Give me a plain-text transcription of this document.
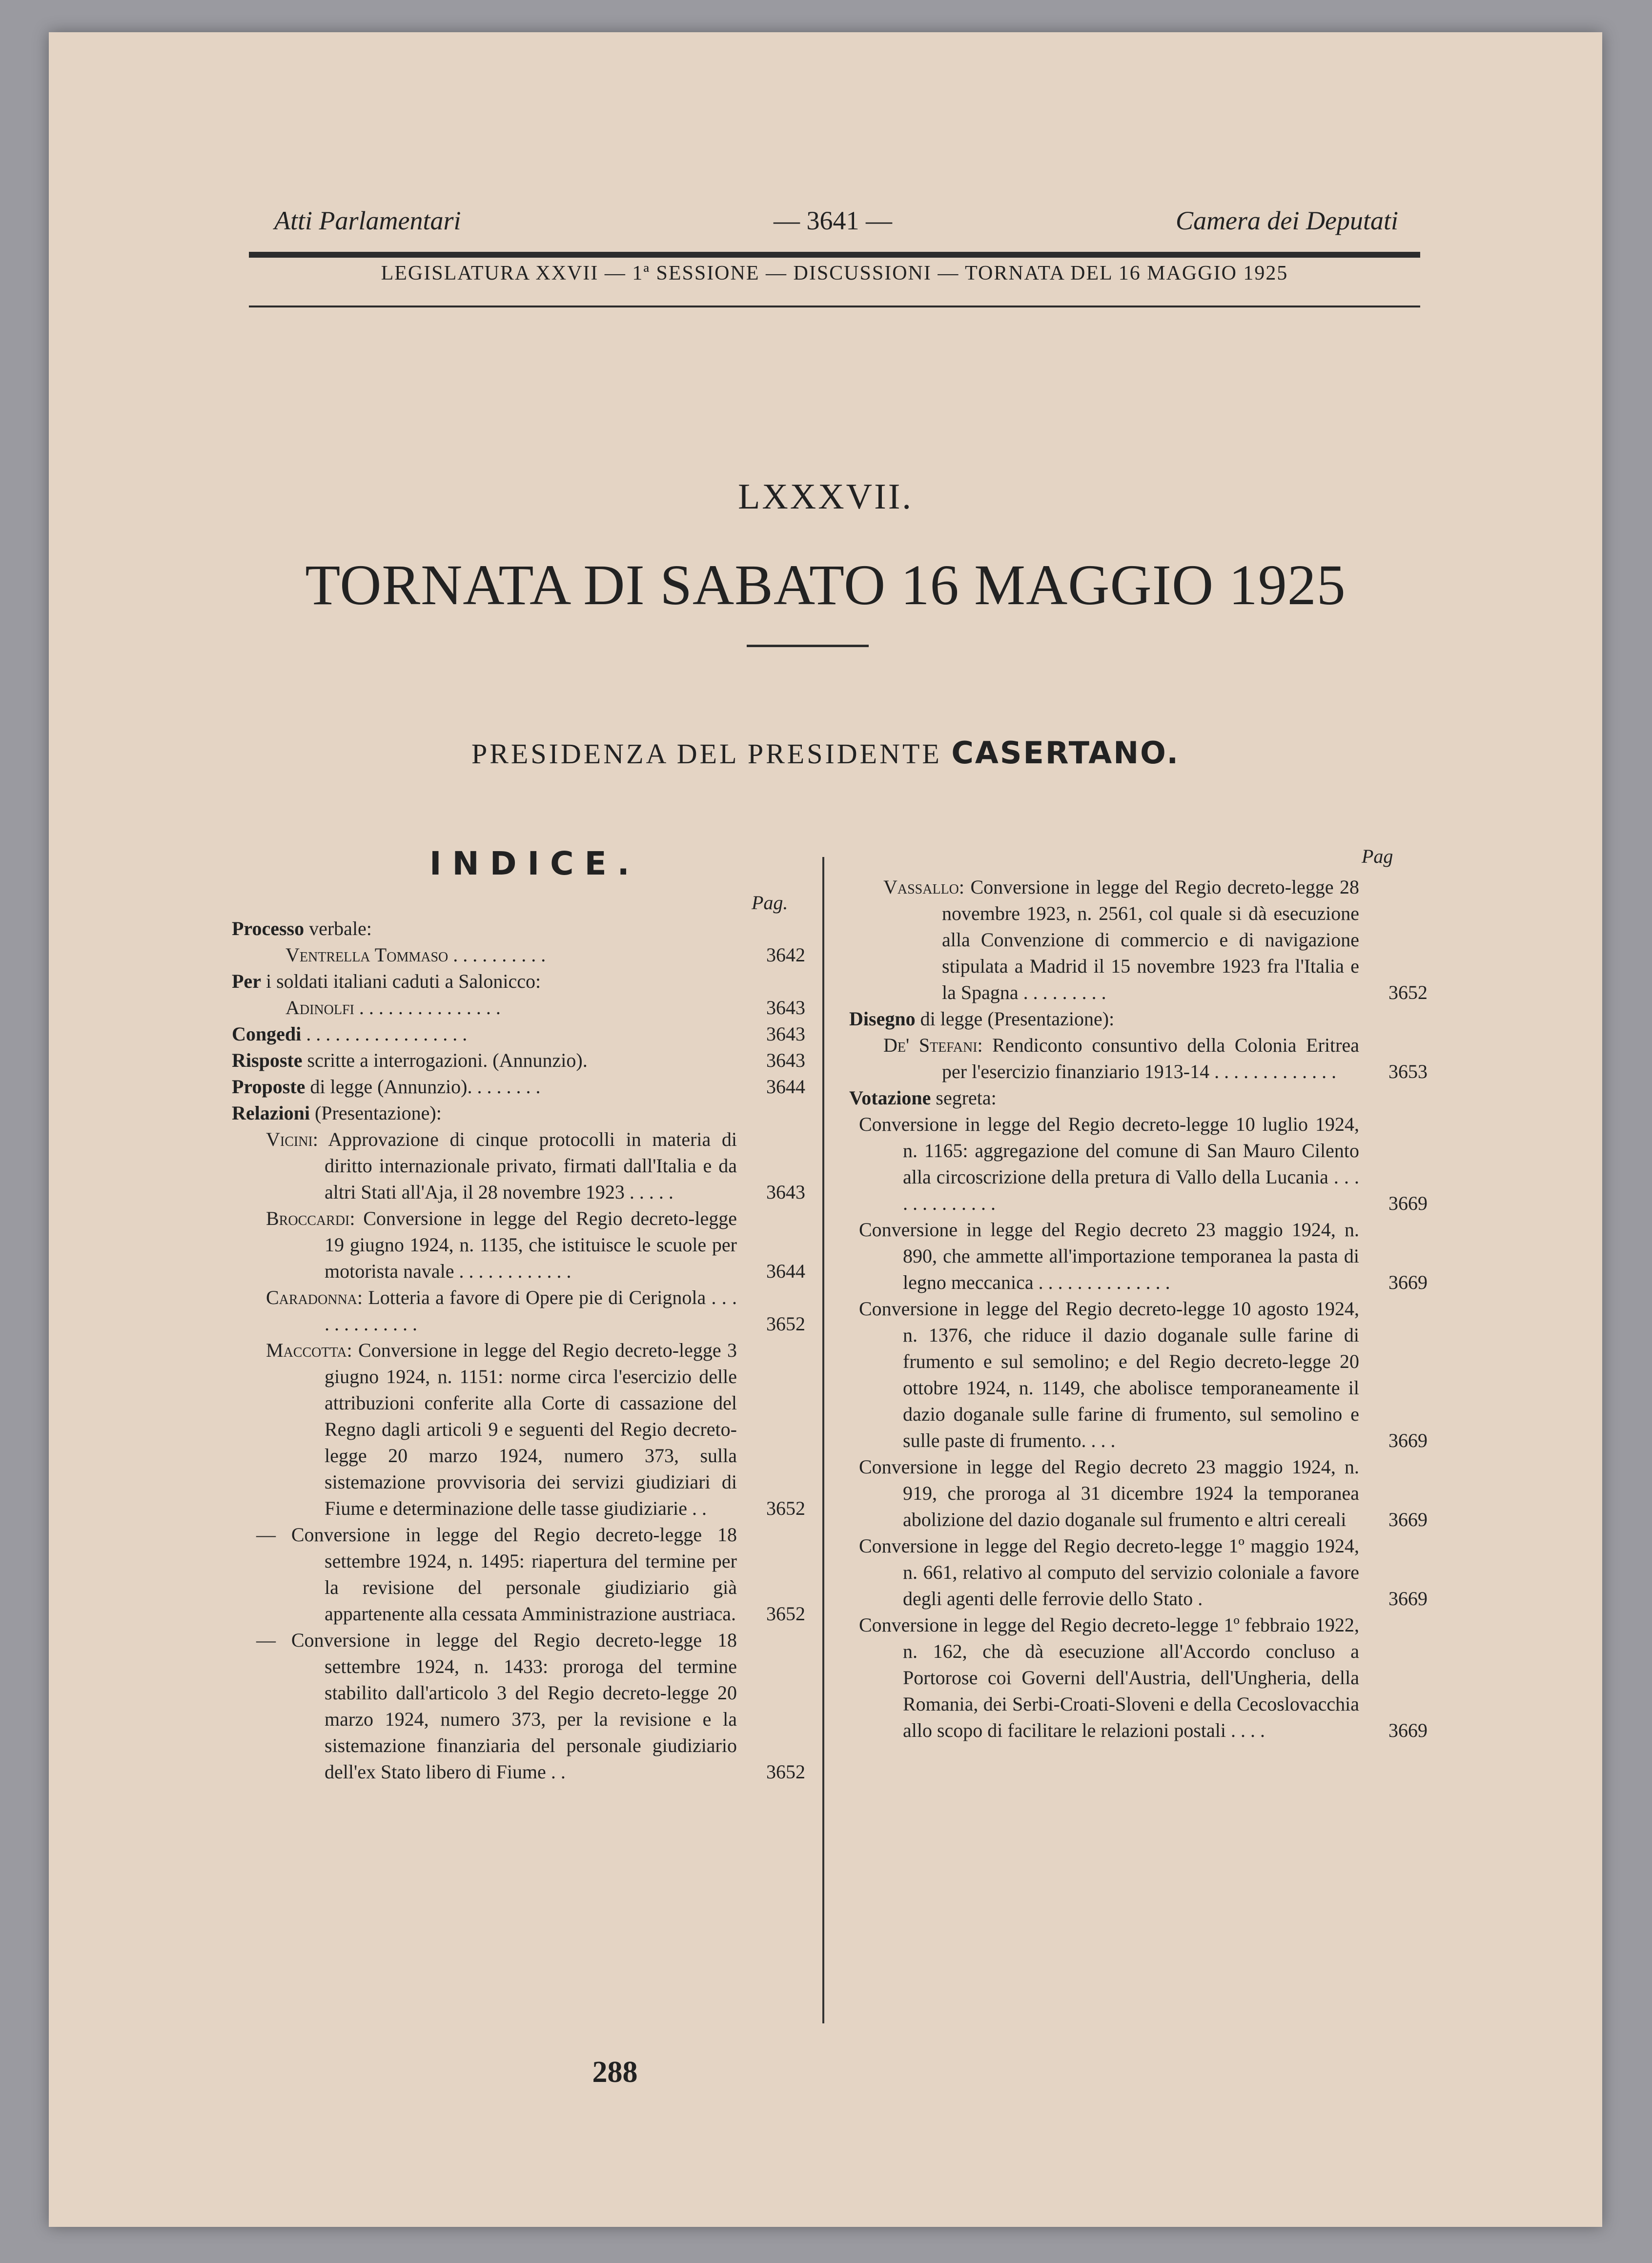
Atti Parlamentari	— 3641 —	Camera dei Deputati
LEGISLATURA XXVII — 1ª SESSIONE — DISCUSSIONI — TORNATA DEL 16 MAGGIO 1925
LXXXVII.
TORNATA DI SABATO 16 MAGGIO 1925
PRESIDENZA DEL PRESIDENTE CASERTANO.
INDICE.
Pag.
Pag
Processo verbale:
Ventrella Tommaso . . . . . . . . . .	3642
Per i soldati italiani caduti a Salonicco:
Adinolfi . . . . . . . . . . . . . . .	3643
Congedi . . . . . . . . . . . . . . . . .	3643
Risposte scritte a interrogazioni. (Annunzio).	3643
Proposte di legge (Annunzio). . . . . . . .	3644
Relazioni (Presentazione):
Vicini: Approvazione di cinque protocolli in materia di diritto internazionale privato, firmati dall'Italia e da altri Stati all'Aja, il 28 novembre 1923 . . . . .	3643
Broccardi: Conversione in legge del Regio decreto-legge 19 giugno 1924, n. 1135, che istituisce le scuole per motorista navale . . . . . . . . . . . .	3644
Caradonna: Lotteria a favore di Opere pie di Cerignola . . . . . . . . . . . . .	3652
Maccotta: Conversione in legge del Regio decreto-legge 3 giugno 1924, n. 1151: norme circa l'esercizio delle attribuzioni conferite alla Corte di cassazione del Regno dagli articoli 9 e seguenti del Regio decreto-legge 20 marzo 1924, numero 373, sulla sistemazione provvisoria dei servizi giudiziari di Fiume e determinazione delle tasse giudiziarie . .	3652
— Conversione in legge del Regio decreto-legge 18 settembre 1924, n. 1495: riapertura del termine per la revisione del personale giudiziario già appartenente alla cessata Amministrazione austriaca.	3652
— Conversione in legge del Regio decreto-legge 18 settembre 1924, n. 1433: proroga del termine stabilito dall'articolo 3 del Regio decreto-legge 20 marzo 1924, numero 373, per la revisione e la sistemazione finanziaria del personale giudiziario dell'ex Stato libero di Fiume . .	3652
Vassallo: Conversione in legge del Regio decreto-legge 28 novembre 1923, n. 2561, col quale si dà esecuzione alla Convenzione di commercio e di navigazione stipulata a Madrid il 15 novembre 1923 fra l'Italia e la Spagna . . . . . . . . .	3652
Disegno di legge (Presentazione):
De' Stefani: Rendiconto consuntivo della Colonia Eritrea per l'esercizio finanziario 1913-14 . . . . . . . . . . . . .	3653
Votazione segreta:
Conversione in legge del Regio decreto-legge 10 luglio 1924, n. 1165: aggregazione del comune di San Mauro Cilento alla circoscrizione della pretura di Vallo della Lucania . . . . . . . . . . . . .	3669
Conversione in legge del Regio decreto 23 maggio 1924, n. 890, che ammette all'importazione temporanea la pasta di legno meccanica . . . . . . . . . . . . . .	3669
Conversione in legge del Regio decreto-legge 10 agosto 1924, n. 1376, che riduce il dazio doganale sulle farine di frumento e sul semolino; e del Regio decreto-legge 20 ottobre 1924, n. 1149, che abolisce temporaneamente il dazio doganale sulle farine di frumento, sul semolino e sulle paste di frumento. . . .	3669
Conversione in legge del Regio decreto 23 maggio 1924, n. 919, che proroga al 31 dicembre 1924 la temporanea abolizione del dazio doganale sul frumento e altri cereali	3669
Conversione in legge del Regio decreto-legge 1º maggio 1924, n. 661, relativo al computo del servizio coloniale a favore degli agenti delle ferrovie dello Stato .	3669
Conversione in legge del Regio decreto-legge 1º febbraio 1922, n. 162, che dà esecuzione all'Accordo concluso a Portorose coi Governi dell'Austria, dell'Ungheria, della Romania, dei Serbi-Croati-Sloveni e della Cecoslovacchia allo scopo di facilitare le relazioni postali . . . .	3669
288
